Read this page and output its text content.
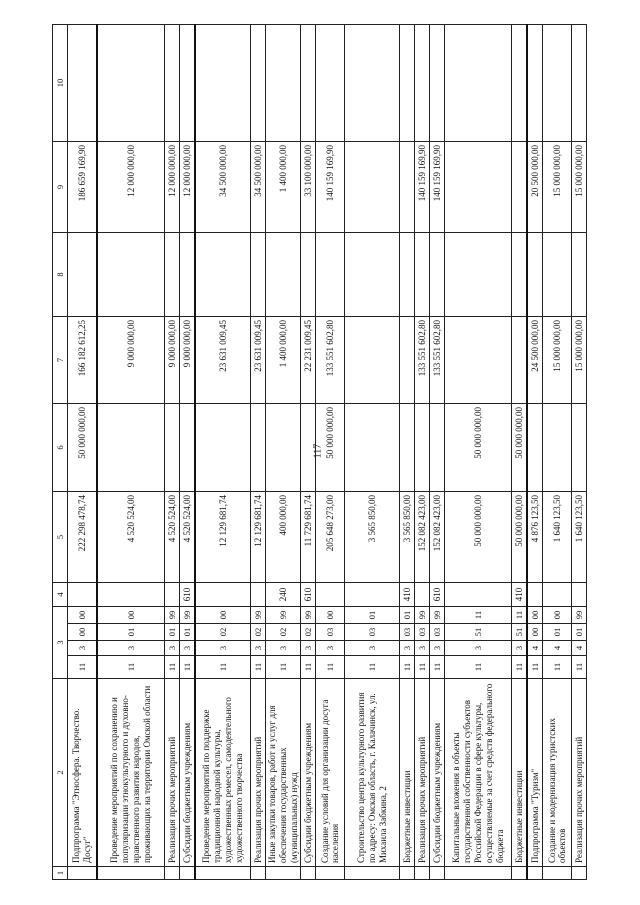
117
1	2	3				4	5	6	7	8	9	10
	Подпрограмма "Этносфера. Творчество. Досуг"	11	3	00	00		222 298 478,74	50 000 000,00	166 182 612,25		186 659 169,90	
	Проведение мероприятий по сохранению и популяризации этнокультурного и духовно-нравственного развития народов, проживающих на территории Омской области	11	3	01	00		4 520 524,00		9 000 000,00		12 000 000,00	
	Реализация прочих мероприятий	11	3	01	99		4 520 524,00		9 000 000,00		12 000 000,00	
	Субсидии бюджетным учреждениям	11	3	01	99	610	4 520 524,00		9 000 000,00		12 000 000,00	
	Проведение мероприятий по поддержке традиционной народной культуры, художественных ремесел, самодеятельного художественного творчества	11	3	02	00		12 129 681,74		23 631 009,45		34 500 000,00	
	Реализация прочих мероприятий	11	3	02	99		12 129 681,74		23 631 009,45		34 500 000,00	
	Иные закупки товаров, работ и услуг для обеспечения государственных (муниципальных) нужд	11	3	02	99	240	400 000,00		1 400 000,00		1 400 000,00	
	Субсидии бюджетным учреждениям	11	3	02	99	610	11 729 681,74		22 231 009,45		33 100 000,00	
	Создание условий для организации досуга населения	11	3	03	00		205 648 273,00	50 000 000,00	133 551 602,80		140 159 169,90	
	Строительство центра культурного развития по адресу: Омская область, г. Калачинск, ул. Михаила Забкина, 2	11	3	03	01		3 565 850,00					
	Бюджетные инвестиции	11	3	03	01	410	3 565 850,00					
	Реализация прочих мероприятий	11	3	03	99		152 082 423,00		133 551 602,80		140 159 169,90	
	Субсидии бюджетным учреждениям	11	3	03	99	610	152 082 423,00		133 551 602,80		140 159 169,90	
	Капитальные вложения в объекты государственной собственности субъектов Российской Федерации в сфере культуры, осуществляемые за счет средств федерального бюджета	11	3	51	11		50 000 000,00	50 000 000,00				
	Бюджетные инвестиции	11	3	51	11	410	50 000 000,00	50 000 000,00				
	Подпрограмма "Туризм"	11	4	00	00		4 876 123,50		24 500 000,00		20 500 000,00	
	Создание и модернизация туристских объектов	11	4	01	00		1 640 123,50		15 000 000,00		15 000 000,00	
	Реализация прочих мероприятий	11	4	01	99		1 640 123,50		15 000 000,00		15 000 000,00	
